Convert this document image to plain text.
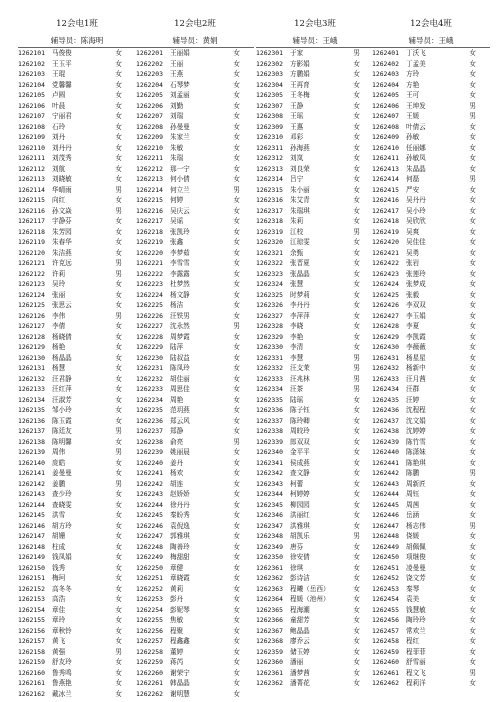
12会电1班
辅导员：陈海明
1262101	马俊俊	女
1262102	王玉平	女
1262103	王琨	女
1262104	党馨馨	女
1262105	卢圆	女
1262106	叶晨	女
1262107	宁丽君	女
1262108	石玲	女
1262109	刘丹	女
1262110	刘丹丹	女
1262111	刘茂秀	女
1262112	刘航	女
1262113	刘晓敏	女
1262114	华晴雨	男
1262115	向红	女
1262116	孙文焱	男
1262117	宇静芬	女
1262118	朱芳园	女
1262119	朱春华	女
1262120	朱洁燕	女
1262121	许克远	男
1262122	许莉	男
1262123	吴玲	女
1262124	张丽	女
1262125	张思云	女
1262126	李伟	男
1262127	李倩	女
1262128	杨晓倩	女
1262129	杨艳	女
1262130	杨晶晶	女
1262131	杨慧	女
1262132	汪君静	女
1262133	汪红萍	女
1262134	汪淑芳	女
1262135	邹小玲	女
1262136	陈玉霞	女
1262137	陈廷友	男
1262138	陈明馨	女
1262139	周伟	男
1262140	庞皓	女
1262141	姜曼曼	女
1262142	姜鹏	男
1262143	查少玲	女
1262144	查晓雯	女
1262145	洪雪	女
1262146	胡方玲	女
1262147	胡姗	女
1262148	柱成	女
1262149	钱凤娟	女
1262150	钱秀	女
1262151	梅珂	女
1262152	高冬冬	女
1262153	高浩	女
1262154	章佳	女
1262155	章玲	女
1262156	章秋铃	女
1262157	黄飞	女
1262158	黄强	男
1262159	舒友玲	女
1262160	鲁秀鸣	女
1262161	鲁燕艳	女
1262162	戴冰兰	女
12会电2班
辅导员：黄娟
1262201	王丽娟	女
1262202	王丽	女
1262203	王燕	女
1262204	石琴梦	女
1262205	刘孟丽	女
1262206	刘勤	女
1262207	刘瑞	女
1262208	孙曼曼	女
1262209	朱家兰	女
1262210	朱敏	女
1262211	朱瑞	女
1262212	那一宁	女
1262213	何小倩	女
1262214	何立兰	男
1262215	何婷	女
1262216	吴庆云	女
1262217	吴谣	女
1262218	张凯玲	女
1262219	张鑫	女
1262220	李梦茹	女
1262221	李雪雪	女
1262222	李露露	女
1262223	杜梦然	女
1262224	杨文静	女
1262225	杨洁	女
1262226	汪铁男	女
1262227	沈永然	男
1262228	周梦霞	女
1262229	陆萍	女
1262230	陆叔益	女
1262231	陈凤玲	女
1262232	胡佳丽	女
1262233	周思佳	女
1262234	周艳	女
1262235	范玥燕	女
1262236	郑云风	女
1262237	郑静	女
1262238	俞亮	男
1262239	姚丽晨	女
1262240	姜丹	女
1262241	杨欢	女
1262242	胡连	女
1262243	赵娇娇	女
1262244	徐丹丹	女
1262245	秦盼秀	女
1262246	袁倪逸	女
1262247	郭雅琪	女
1262248	陶善玲	女
1262249	梅甜甜	女
1262250	章健	女
1262251	章晓霞	女
1262252	黄莉	女
1262253	彭丹	女
1262254	彭妮琴	女
1262255	焦敏	女
1262256	程聚	女
1262257	程鑫鑫	女
1262258	董婷	女
1262259	蒋芮	女
1262260	谢荣宁	女
1262261	韩晶晶	女
1262262	谢明慧	女
12会电3班
辅导员：王峨
1262301	于家	男
1262302	方影娟	女
1262303	方鹏娟	女
1262304	王再育	女
1262305	王冬梅	女
1262307	王静	女
1262308	王瑶	女
1262309	王惠	女
1262310	邓彩	女
1262311	孙海燕	女
1262312	刘岚	女
1262313	刘良荣	女
1262314	吕宁	女
1262315	朱小丽	女
1262316	朱艾青	女
1262317	朱瑞琪	女
1262318	朱莉	女
1262319	江校	男
1262320	江琼雯	女
1262321	余甄	女
1262322	张晋夏	女
1262323	张晶晶	女
1262324	张慧	女
1262325	时梦莉	女
1262326	李丹丹	女
1262327	李萍萍	女
1262328	李晓	女
1262329	李艳	女
1262330	李清	女
1262331	李慧	男
1262332	汪支茉	男
1262333	汪兆林	男
1262334	汪茶	男
1262335	陆瑶	女
1262336	陈子钰	女
1262337	陈玲卿	女
1262338	周皎玲	女
1262339	郎双双	女
1262340	金平平	女
1262341	侯成燕	女
1262342	查文静	女
1262343	柯蕾	女
1262344	柯婷婷	女
1262345	柳园园	女
1262346	洪丽红	女
1262347	洪雅琪	女
1262348	胡凯乐	男
1262349	唐芬	女
1262350	徐安倩	女
1262361	徐琪	女
1262362	彭诗洁	女
1262363	程曦（岳西）	女
1262364	程媛（池州）	女
1262365	程海潮	女
1262366	童甜芳	女
1262367	鲍晶晶	女
1262368	廖乔云	女
1262359	储玉婷	女
1262360	潘丽	女
1262361	潘梦茜	女
1262362	潘菁花	女
12会电4班
辅导员：王峨
1262401	丁沃飞	女
1262402	丁孟美	女
1262403	方玲	女
1262404	方艳	女
1262405	王可	女
1262406	王坤发	男
1262407	王媛	男
1262408	叶倩云	女
1262409	孙敏	女
1262410	任丽娜	女
1262411	孙敏凤	女
1262413	朱晶晶	女
1262414	何磊	男
1262415	严安	女
1262416	吴丹丹	女
1262417	吴小玲	女
1262418	吴欣欣	女
1262419	吴爽	女
1262420	吴佳佳	女
1262421	吴勇	女
1262422	张岩	女
1262423	张莲玲	女
1262424	张梦成	女
1262425	张毅	女
1262426	李双双	女
1262427	李玉娟	女
1262428	李夏	女
1262429	李凯霞	女
1262430	李薇薇	女
1262431	杨星星	女
1262432	杨新中	女
1262433	汪月茜	女
1262434	汪群	女
1262435	汪婷	女
1262436	沈程程	女
1262437	沈文娟	女
1262438	沈婷婷	女
1262439	陈竹雪	女
1262440	陈潇妹	女
1262441	陈艳琪	女
1262442	陈鹏	男
1262443	周新匠	女
1262444	周钰	女
1262445	周茜	女
1262446	岳涵	女
1262447	杨志伟	男
1262448	侥媛	女
1262449	胡佩佩	女
1262450	项继俊	女
1262451	凌曼曼	女
1262452	饶文芳	女
1262453	秦琴	女
1262454	袁美	女
1262455	钱慧敏	女
1262456	陶玲玲	女
1262457	常欢兰	女
1262458	程红	女
1262459	程菲菲	女
1262460	舒雪丽	女
1262461	程文飞	男
1262462	程莉洋	女
